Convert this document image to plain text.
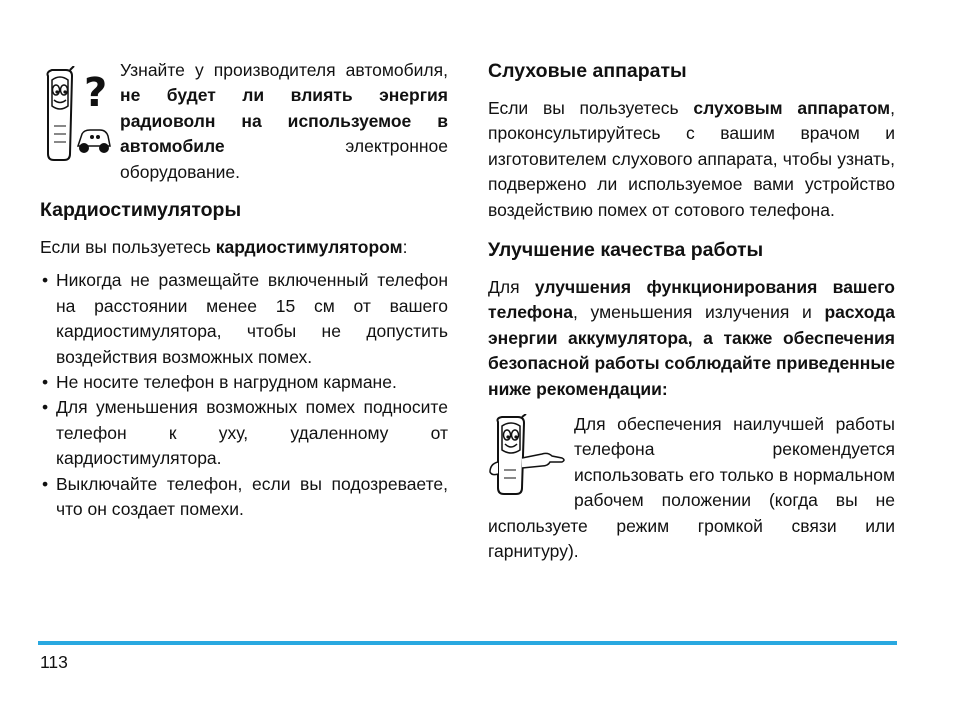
? Узнайте у производителя автомобиля, не будет ли влиять энергия радиоволн на используемое в автомобиле электронное оборудование.

Кардиостимуляторы

Если вы пользуетесь кардиостимулятором:

• Никогда не размещайте включенный телефон на расстоянии менее 15 см от вашего кардиостимулятора, чтобы не допустить воздействия возможных помех.
• Не носите телефон в нагрудном кармане.
• Для уменьшения возможных помех подносите телефон к уху, удаленному от кардиостимулятора.
• Выключайте телефон, если вы подозреваете, что он создает помехи.
Слуховые аппараты

Если вы пользуетесь слуховым аппаратом, проконсультируйтесь с вашим врачом и изготовителем слухового аппарата, чтобы узнать, подвержено ли используемое вами устройство воздействию помех от сотового телефона.

Улучшение качества работы

Для улучшения функционирования вашего телефона, уменьшения излучения и расхода энергии аккумулятора, а также обеспечения безопасной работы соблюдайте приведенные ниже рекомендации:

Для обеспечения наилучшей работы телефона рекомендуется использовать его только в нормальном рабочем положении (когда вы не используете режим громкой связи или гарнитуру).

113
